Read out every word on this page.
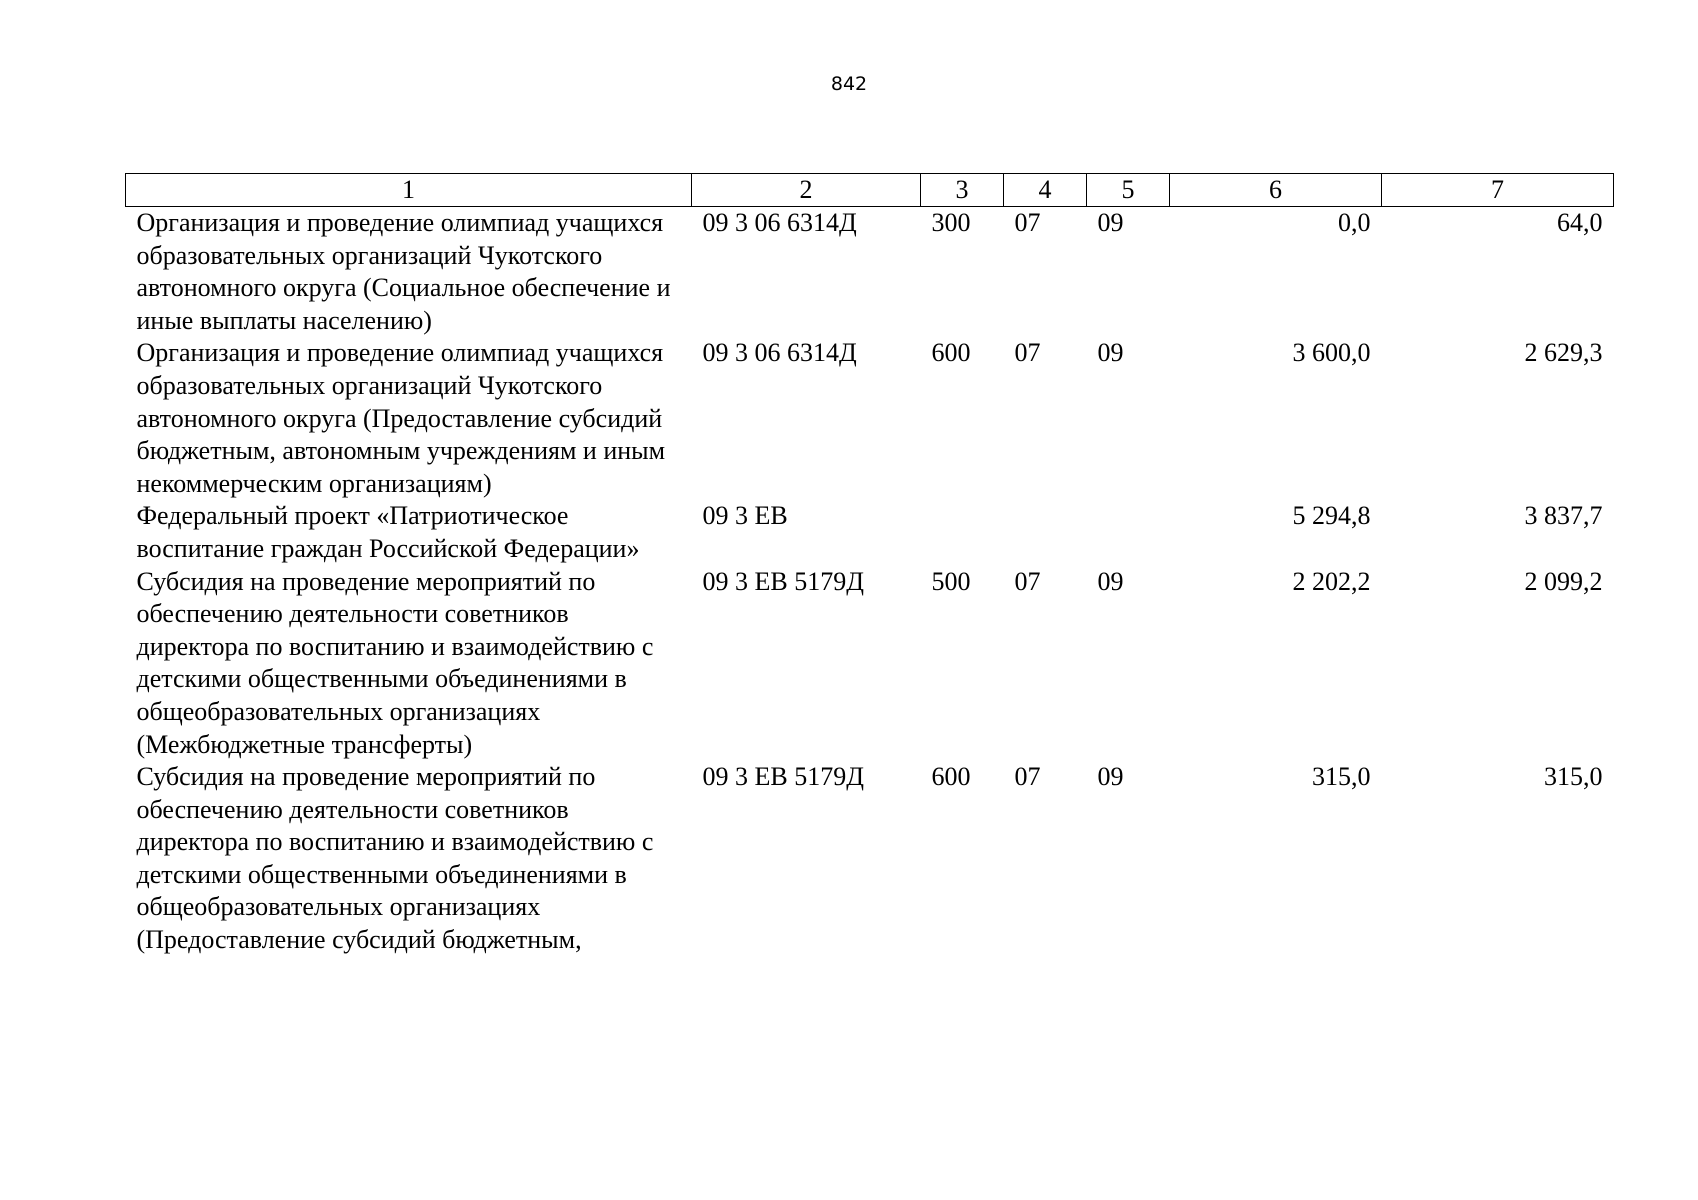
842
1	2	3	4	5	6	7
Организация и проведение олимпиад учащихся образовательных организаций Чукотского автономного округа (Социальное обеспечение и иные выплаты населению)	09 3 06 6314Д	300	07	09	0,0	64,0
Организация и проведение олимпиад учащихся образовательных организаций Чукотского автономного округа (Предоставление субсидий бюджетным, автономным учреждениям и иным некоммерческим организациям)	09 3 06 6314Д	600	07	09	3 600,0	2 629,3
Федеральный проект «Патриотическое воспитание граждан Российской Федерации»	09 3 ЕВ				5 294,8	3 837,7
Субсидия на проведение мероприятий по обеспечению деятельности советников директора по воспитанию и взаимодействию с детскими общественными объединениями в общеобразовательных организациях (Межбюджетные трансферты)	09 3 ЕВ 5179Д	500	07	09	2 202,2	2 099,2
Субсидия на проведение мероприятий по обеспечению деятельности советников директора по воспитанию и взаимодействию с детскими общественными объединениями в общеобразовательных организациях (Предоставление субсидий бюджетным,	09 3 ЕВ 5179Д	600	07	09	315,0	315,0
